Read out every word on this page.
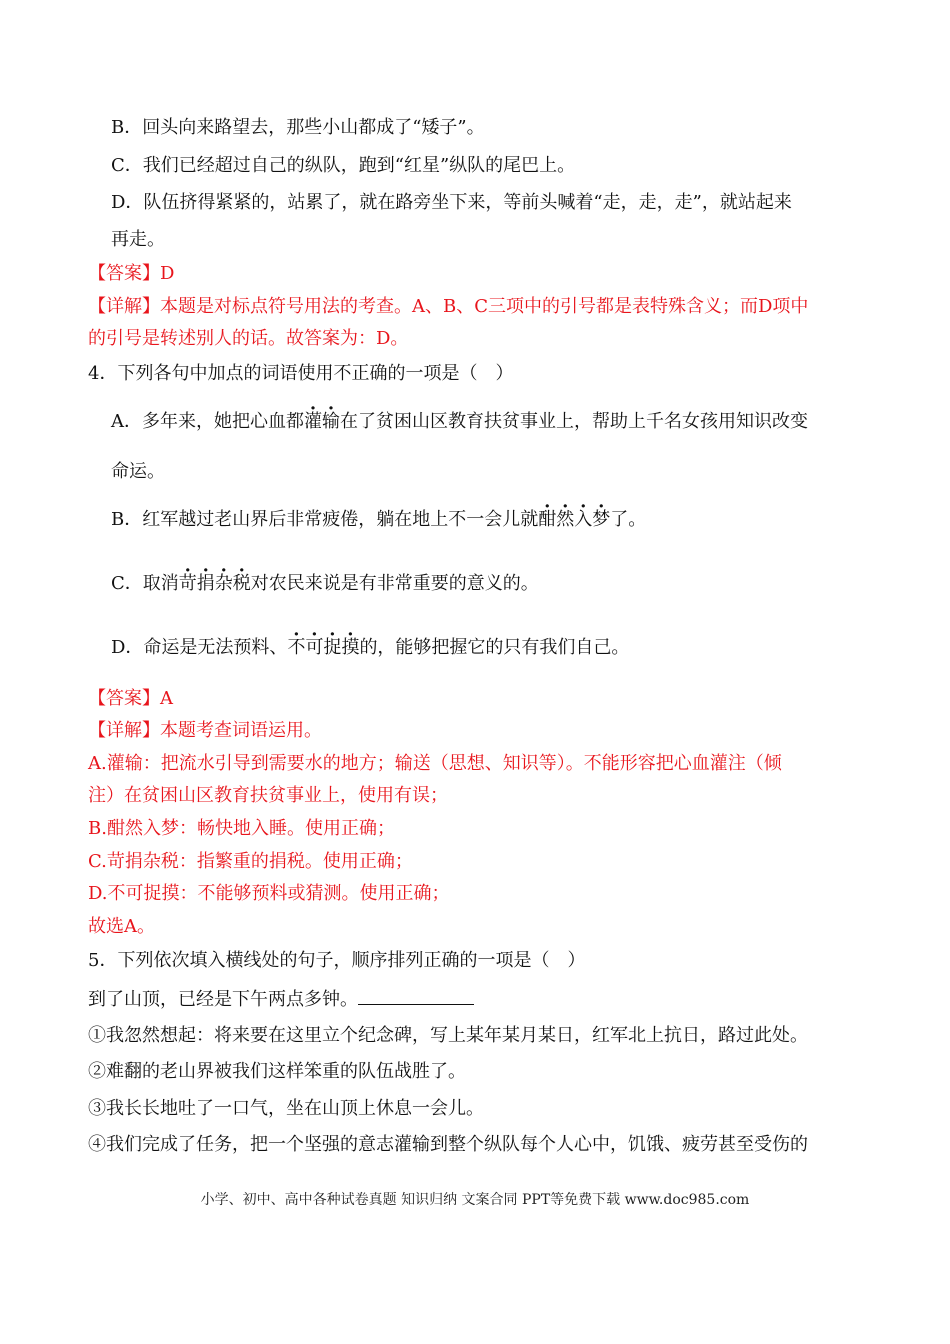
B．回头向来路望去，那些小山都成了“矮子”。
C．我们已经超过自己的纵队，跑到“红星”纵队的尾巴上。
D．队伍挤得紧紧的，站累了，就在路旁坐下来，等前头喊着“走，走，走”，就站起来
再走。
【答案】D
【详解】本题是对标点符号用法的考查。A、B、C三项中的引号都是表特殊含义；而D项中
的引号是转述别人的话。故答案为：D。
4．下列各句中加点的词语使用不正确的一项是（　）
A．多年来，她把心血都灌输在了贫困山区教育扶贫事业上，帮助上千名女孩用知识改变
命运。
B．红军越过老山界后非常疲倦，躺在地上不一会儿就酣然入梦了。
C．取消苛捐杂税对农民来说是有非常重要的意义的。
D．命运是无法预料、不可捉摸的，能够把握它的只有我们自己。
【答案】A
【详解】本题考查词语运用。
A.灌输：把流水引导到需要水的地方；输送（思想、知识等）。不能形容把心血灌注（倾
注）在贫困山区教育扶贫事业上，使用有误；
B.酣然入梦：畅快地入睡。使用正确；
C.苛捐杂税：指繁重的捐税。使用正确；
D.不可捉摸：不能够预料或猜测。使用正确；
故选A。
5．下列依次填入横线处的句子，顺序排列正确的一项是（　）
到了山顶，已经是下午两点多钟。
①我忽然想起：将来要在这里立个纪念碑，写上某年某月某日，红军北上抗日，路过此处。
②难翻的老山界被我们这样笨重的队伍战胜了。
③我长长地吐了一口气，坐在山顶上休息一会儿。
④我们完成了任务，把一个坚强的意志灌输到整个纵队每个人心中，饥饿、疲劳甚至受伤的
小学、初中、高中各种试卷真题 知识归纳 文案合同 PPT等免费下载 www.doc985.com
